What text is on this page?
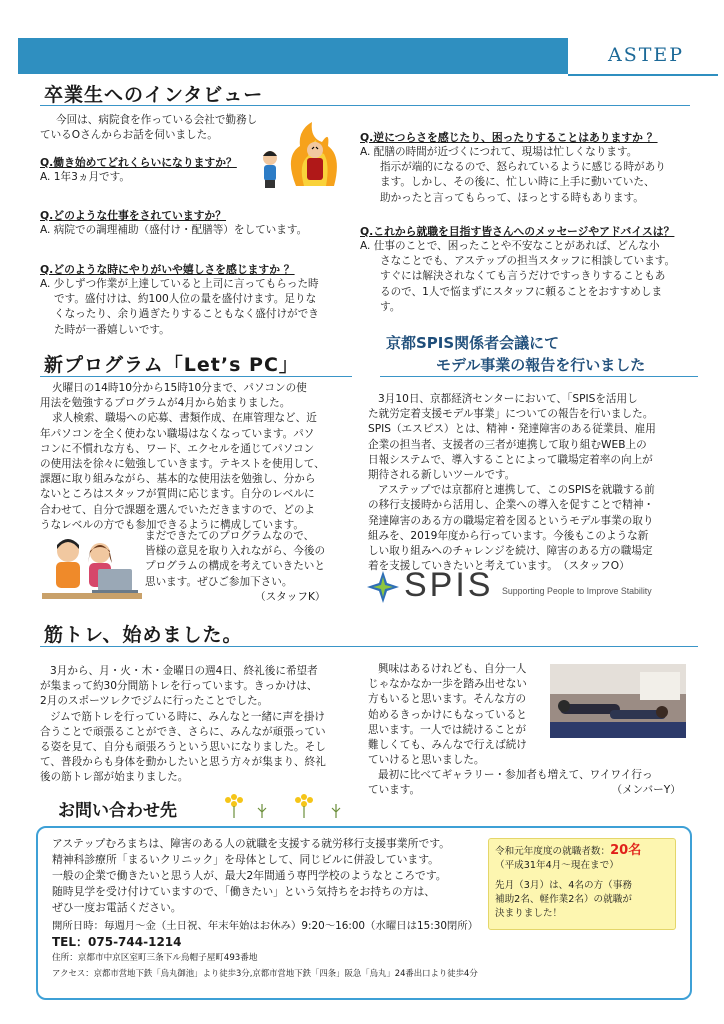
ASTEP
卒業生へのインタビュー

今回は、病院食を作っている会社で勤務し

ているOさんからお話を伺いました。

Q.働き始めてどれくらいになりますか？

A. 1年3ヵ月です。

Q.どのような仕事をされていますか？

A. 病院での調理補助（盛付け・配膳等）をしています。

Q.どのような時にやりがいや嬉しさを感じますか ？

A. 少しずつ作業が上達していると上司に言ってもらった時

です。盛付けは、約100人位の量を盛付けます。足りな

くなったり、余り過ぎたりすることもなく盛付けができ

た時が一番嬉しいです。

Q.逆につらさを感じたり、困ったりすることはありますか ？

A. 配膳の時間が近づくにつれて、現場は忙しくなります。

指示が端的になるので、怒られているように感じる時があり

ます。しかし、その後に、忙しい時に上手に動いていた、

助かったと言ってもらって、ほっとする時もあります。

Q.これから就職を目指す皆さんへのメッセージやアドバイスは？

A. 仕事のことで、困ったことや不安なことがあれば、どんな小

さなことでも、アステップの担当スタッフに相談しています。

すぐには解決されなくても言うだけですっきりすることもあ

るので、1人で悩まずにスタッフに頼ることをおすすめしま

す。

新プログラム「Let’s PC」

火曜日の14時10分から15時10分まで、パソコンの使

用法を勉強するプログラムが4月から始まりました。

求人検索、職場への応募、書類作成、在庫管理など、近

年パソコンを全く使わない職場はなくなっています。パソ

コンに不慣れな方も、ワード、エクセルを通じてパソコン

の使用法を徐々に勉強していきます。テキストを使用して、

課題に取り組みながら、基本的な使用法を勉強し、分から

ないところはスタッフが質問に応じます。自分のレベルに

合わせて、自分で課題を選んでいただきますので、どのよ

うなレベルの方でも参加できるように構成しています。

まだできたてのプログラムなので、

皆様の意見を取り入れながら、今後の

プログラムの構成を考えていきたいと

思います。ぜひご参加下さい。

（スタッフK）

京都SPIS関係者会議にて
モデル事業の報告を行いました

3月10日、京都経済センターにおいて、「SPISを活用し

た就労定着支援モデル事業」についての報告を行いました。

SPIS（エスピス）とは、精神・発達障害のある従業員、雇用

企業の担当者、支援者の三者が連携して取り組むWEB上の

日報システムで、導入することによって職場定着率の向上が

期待される新しいツールです。

アステップでは京都府と連携して、このSPISを就職する前

の移行支援時から活用し、企業への導入を促すことで精神・

発達障害のある方の職場定着を図るというモデル事業の取り

組みを、2019年度から行っています。今後もこのような新

しい取り組みへのチャレンジを続け、障害のある方の職場定

着を支援していきたいと考えています。　（スタッフO）

SPIS Supporting People to Improve Stability
筋トレ、始めました。

3月から、月・火・木・金曜日の週4日、終礼後に希望者

が集まって約30分間筋トレを行っています。きっかけは、

2月のスポーツレクでジムに行ったことでした。

ジムで筋トレを行っている時に、みんなと一緒に声を掛け

合うことで頑張ることができ、さらに、みんなが頑張ってい

る姿を見て、自分も頑張ろうという思いになりました。そし

て、普段からも身体を動かしたいと思う方々が集まり、終礼

後の筋トレ部が始まりました。

興味はあるけれども、自分一人

じゃなかなか一歩を踏み出せない

方もいると思います。そんな方の

始めるきっかけにもなっていると

思います。一人では続けることが

難しくても、みんなで行えば続け

ていけると思いました。

最初に比べてギャラリー・参加者も増えて、ワイワイ行っ

ています。	（メンバーY）

お問い合わせ先

アステップむろまちは、障害のある人の就職を支援する就労移行支援事業所です。

精神科診療所「まるいクリニック」を母体として、同じビルに併設しています。

一般の企業で働きたいと思う人が、最大2年間通う専門学校のようなところです。

随時見学を受け付けていますので、「働きたい」という気持ちをお持ちの方は、

ぜひ一度お電話ください。

開所日時：毎週月～金（土日祝、年末年始はお休み）9:20～16:00（水曜日は15:30閉所）

TEL：075-744-1214

住所：京都市中京区室町三条下ル烏帽子屋町493番地

アクセス：京都市営地下鉄「烏丸御池」より徒歩3分,京都市営地下鉄「四条」阪急「烏丸」24番出口より徒歩4分

令和元年度度の就職者数：20名

（平成31年4月～現在まで）

先月（3月）は、4名の方（事務

補助2名、軽作業2名）の就職が

決まりました！
